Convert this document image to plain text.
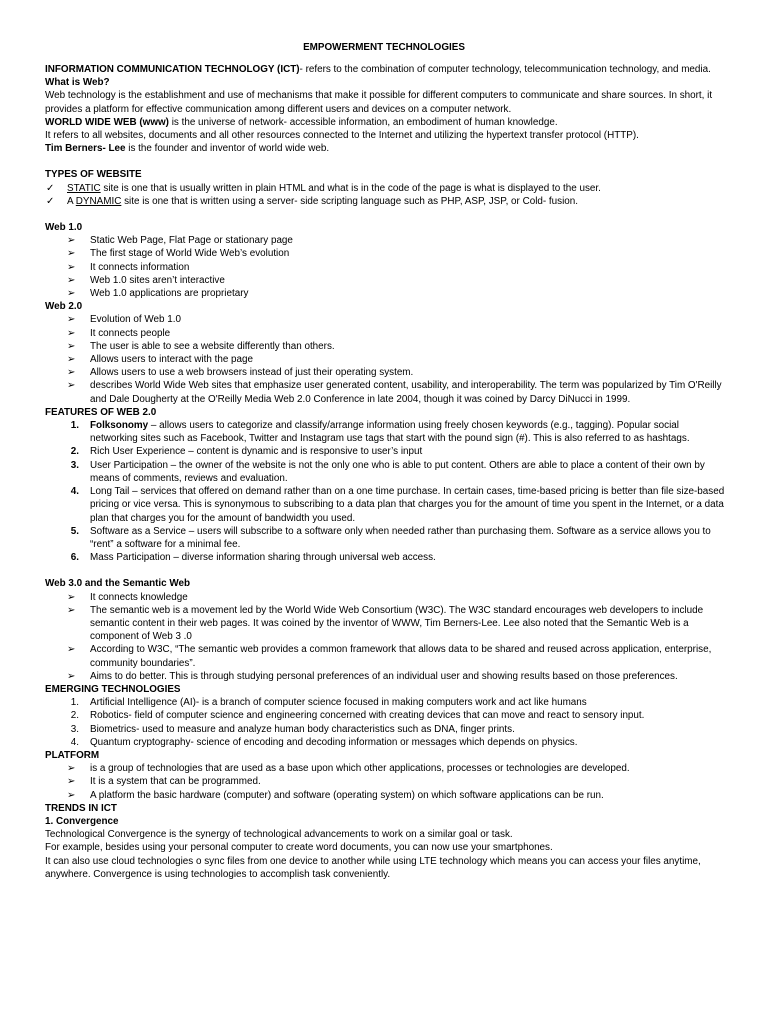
EMPOWERMENT TECHNOLOGIES

INFORMATION COMMUNICATION TECHNOLOGY (ICT)- refers to the combination of computer technology, telecommunication technology, and media.

What is Web?

Web technology is the establishment and use of mechanisms that make it possible for different computers to communicate and share sources. In short, it provides a platform for effective communication among different users and devices on a computer network.

WORLD WIDE WEB (www) is the universe of network- accessible information, an embodiment of human knowledge.

It refers to all websites, documents and all other resources connected to the Internet and utilizing the hypertext transfer protocol (HTTP).

Tim Berners- Lee is the founder and inventor of world wide web.

TYPES OF WEBSITE

✓	STATIC site is one that is usually written in plain HTML and what is in the code of the page is what is displayed to the user.
✓	A DYNAMIC site is one that is written using a server- side scripting language such as PHP, ASP, JSP, or Cold- fusion.

Web 1.0

➢	Static Web Page, Flat Page or stationary page
➢	The first stage of World Wide Web’s evolution
➢	It connects information
➢	Web 1.0 sites aren’t interactive
➢	Web 1.0 applications are proprietary

Web 2.0

➢	Evolution of Web 1.0
➢	It connects people
➢	The user is able to see a website differently than others.
➢	Allows users to interact with the page
➢	Allows users to use a web browsers instead of just their operating system.
➢	describes World Wide Web sites that emphasize user generated content, usability, and interoperability. The term was popularized by Tim O'Reilly and Dale Dougherty at the O'Reilly Media Web 2.0 Conference in late 2004, though it was coined by Darcy DiNucci in 1999.

FEATURES OF WEB 2.0

1. Folksonomy – allows users to categorize and classify/arrange information using freely chosen keywords (e.g., tagging). Popular social networking sites such as Facebook, Twitter and Instagram use tags that start with the pound sign (#). This is also referred to as hashtags.
2. Rich User Experience – content is dynamic and is responsive to user’s input
3. User Participation – the owner of the website is not the only one who is able to put content. Others are able to place a content of their own by means of comments, reviews and evaluation.
4. Long Tail – services that offered on demand rather than on a one time purchase. In certain cases, time-based pricing is better than file size-based pricing or vice versa. This is synonymous to subscribing to a data plan that charges you for the amount of time you spent in the Internet, or a data plan that charges you for the amount of bandwidth you used.
5. Software as a Service – users will subscribe to a software only when needed rather than purchasing them. Software as a service allows you to “rent” a software for a minimal fee.
6. Mass Participation – diverse information sharing through universal web access.

Web 3.0 and the Semantic Web

➢	It connects knowledge
➢	The semantic web is a movement led by the World Wide Web Consortium (W3C). The W3C standard encourages web developers to include semantic content in their web pages. It was coined by the inventor of WWW, Tim Berners-Lee. Lee also noted that the Semantic Web is a component of Web 3 .0
➢	According to W3C, “The semantic web provides a common framework that allows data to be shared and reused across application, enterprise, community boundaries”.
➢	Aims to do better. This is through studying personal preferences of an individual user and showing results based on those preferences.

EMERGING TECHNOLOGIES

1. Artificial Intelligence (AI)- is a branch of computer science focused in making computers work and act like humans
2. Robotics- field of computer science and engineering concerned with creating devices that can move and react to sensory input.
3. Biometrics- used to measure and analyze human body characteristics such as DNA, finger prints.
4. Quantum cryptography- science of encoding and decoding information or messages which depends on physics.

PLATFORM

➢	is a group of technologies that are used as a base upon which other applications, processes or technologies are developed.
➢	It is a system that can be programmed.
➢	A platform the basic hardware (computer) and software (operating system) on which software applications can be run.

TRENDS IN ICT

1. Convergence

Technological Convergence is the synergy of technological advancements to work on a similar goal or task.

For example, besides using your personal computer to create word documents, you can now use your smartphones.

It can also use cloud technologies o sync files from one device to another while using LTE technology which means you can access your files anytime, anywhere. Convergence is using technologies to accomplish task conveniently.
